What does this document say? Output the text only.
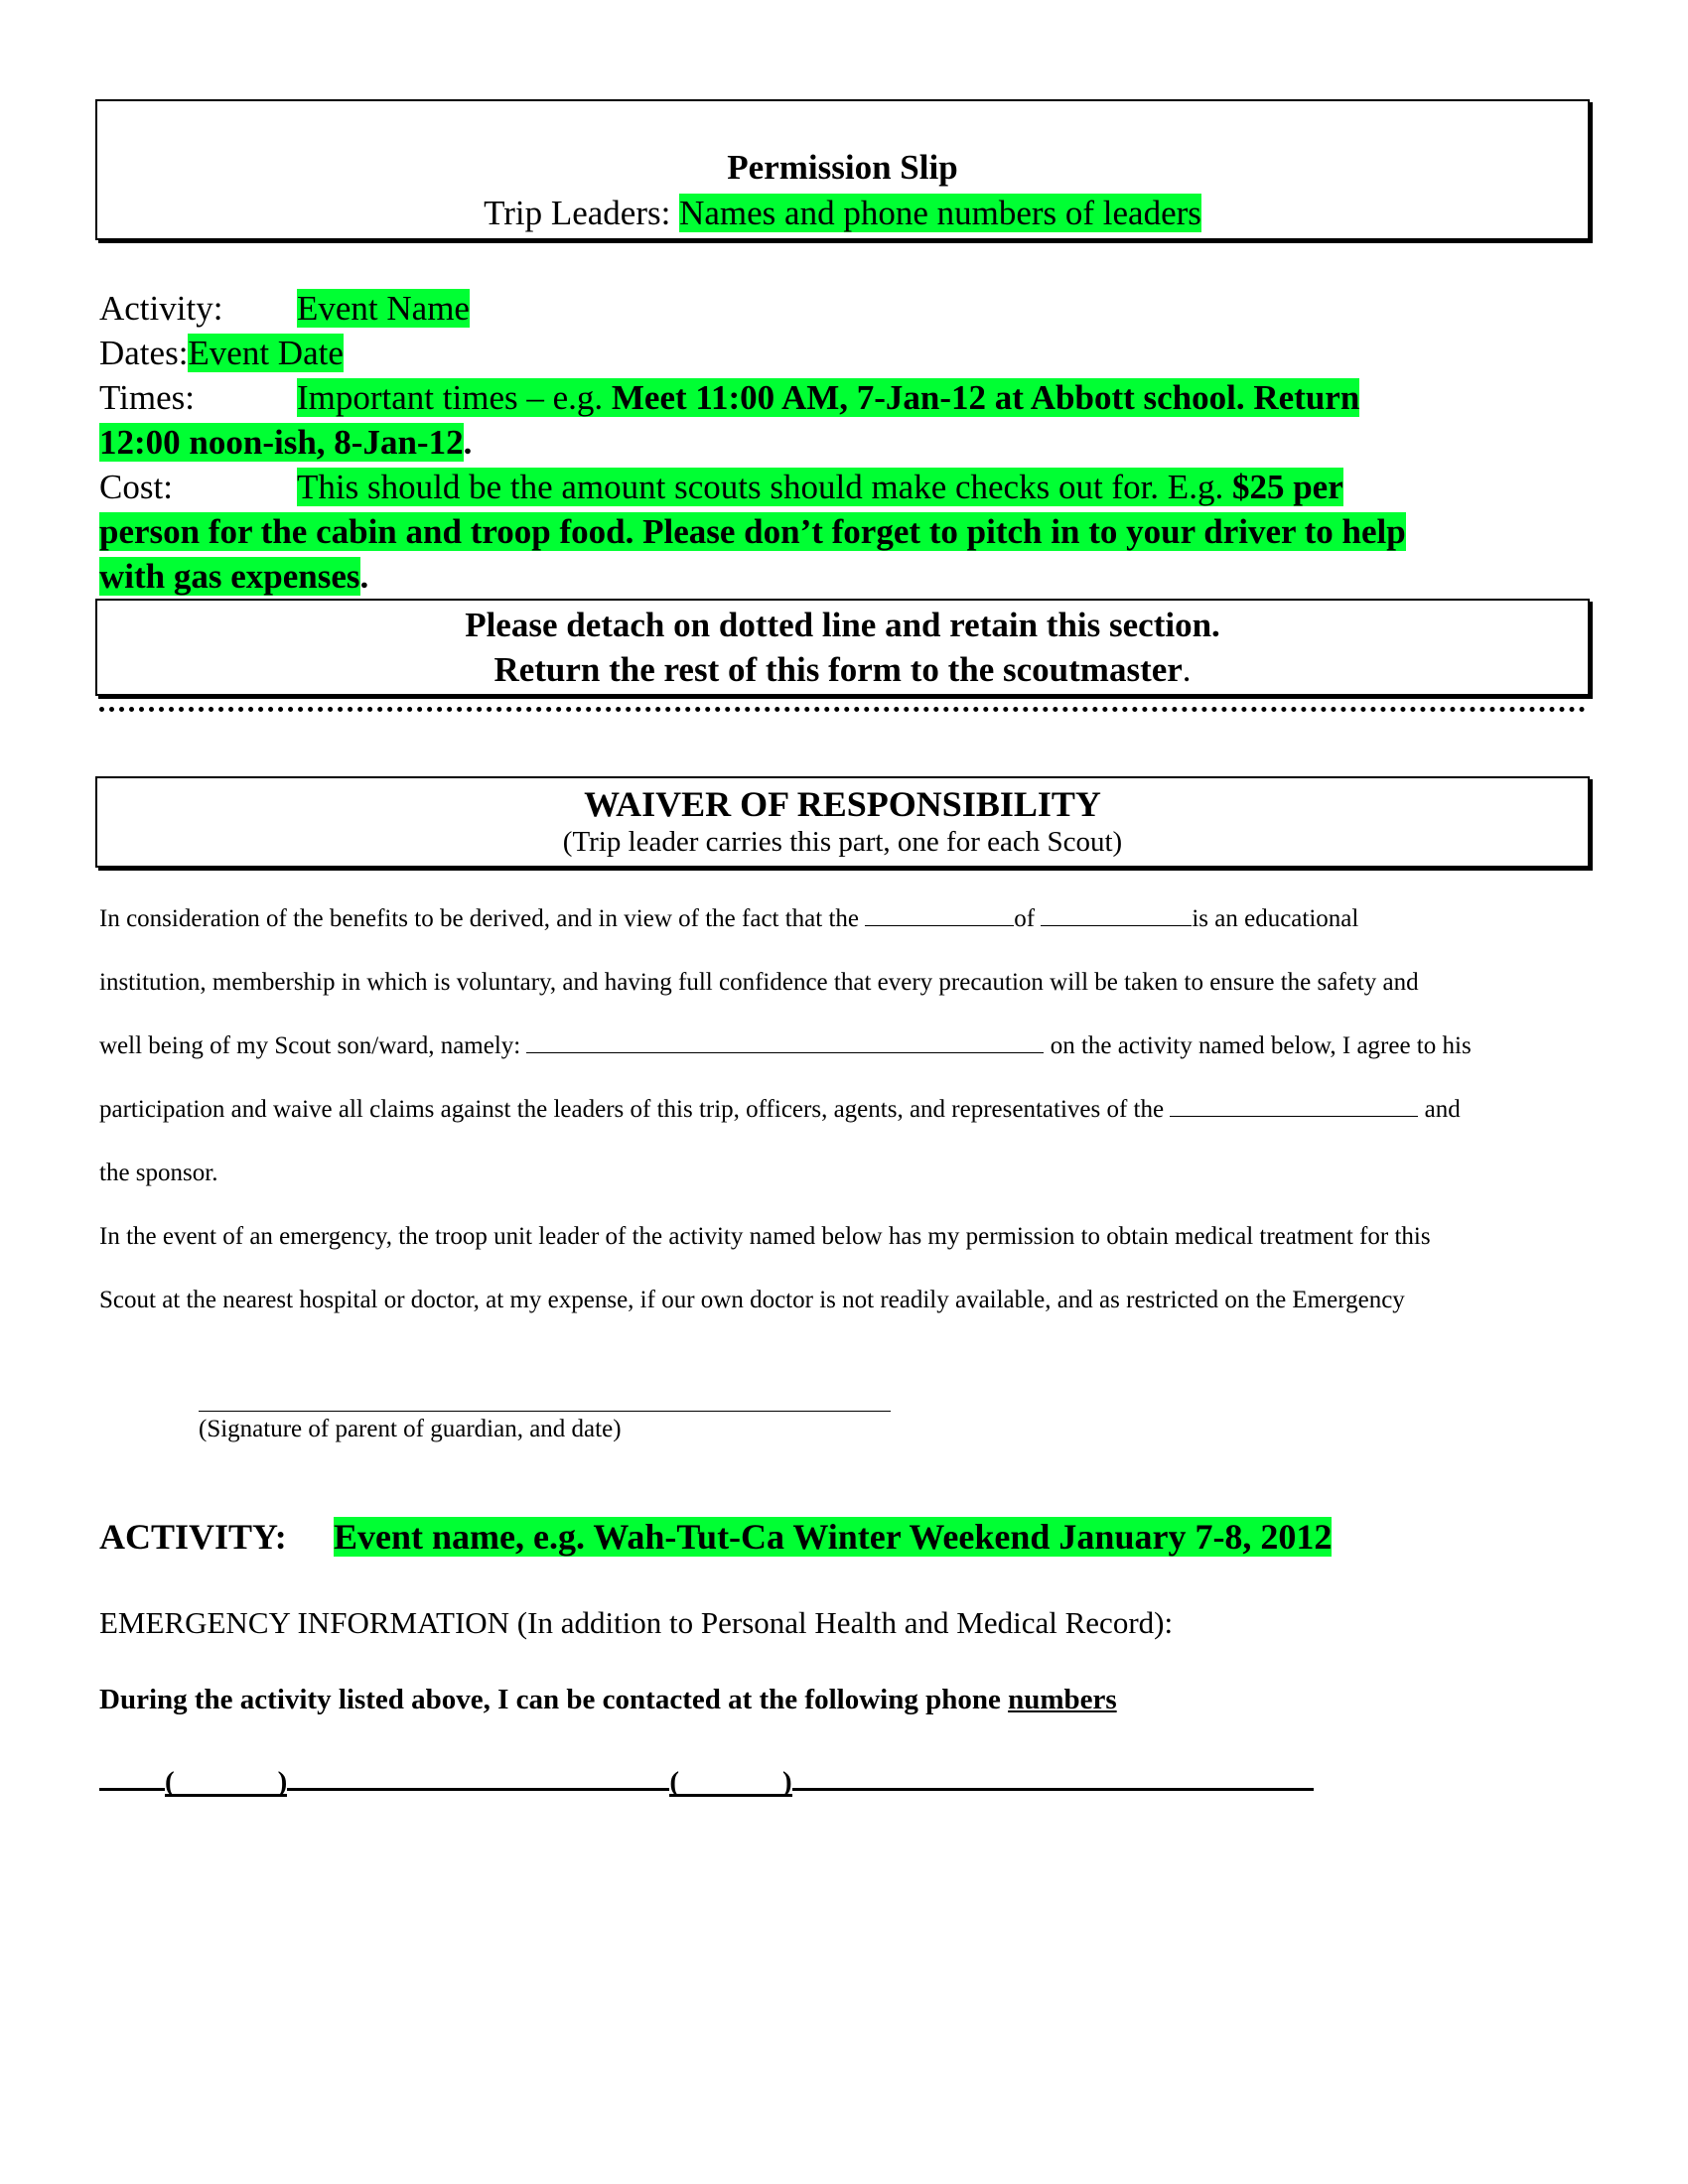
Permission Slip
Trip Leaders: Names and phone numbers of leaders
Activity: Event Name
Dates:Event Date
Times:	Important times – e.g. Meet 11:00 AM, 7-Jan-12 at Abbott school. Return
12:00 noon-ish, 8-Jan-12.
Cost:	This should be the amount scouts should make checks out for. E.g. $25 per
person for the cabin and troop food. Please don’t forget to pitch in to your driver to help
with gas expenses.
Please detach on dotted line and retain this section.
Return the rest of this form to the scoutmaster.
WAIVER OF RESPONSIBILITY
(Trip leader carries this part, one for each Scout)
In consideration of the benefits to be derived, and in view of the fact that the	of	is an educational
institution, membership in which is voluntary, and having full confidence that every precaution will be taken to ensure the safety and
well being of my Scout son/ward, namely:	on the activity named below, I agree to his
participation and waive all claims against the leaders of this trip, officers, agents, and representatives of the	and
the sponsor.
In the event of an emergency, the troop unit leader of the activity named below has my permission to obtain medical treatment for this
Scout at the nearest hospital or doctor, at my expense, if our own doctor is not readily available, and as restricted on the Emergency
(Signature of parent of guardian, and date)
ACTIVITY: Event name, e.g. Wah-Tut-Ca Winter Weekend January 7-8, 2012
EMERGENCY INFORMATION (In addition to Personal Health and Medical Record):
During the activity listed above, I can be contacted at the following phone numbers
(	)	(	)
